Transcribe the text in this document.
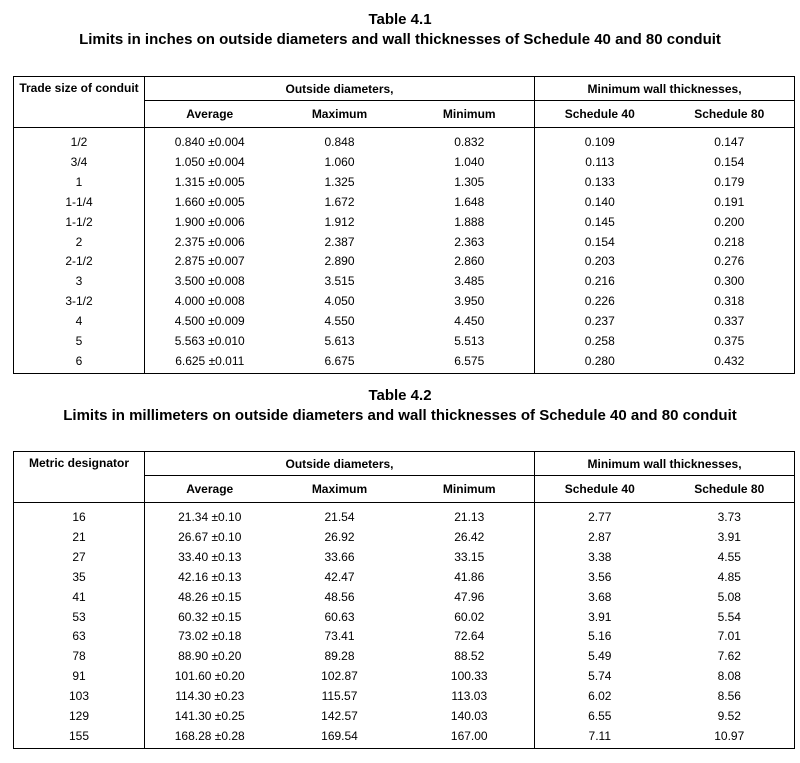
Table 4.1
Limits in inches on outside diameters and wall thicknesses of Schedule 40 and 80 conduit
Trade size of conduit	Outside diameters,			Minimum wall thicknesses,	
	Average	Maximum	Minimum	Schedule 40	Schedule 80
1/2	0.840 ±0.004	0.848	0.832	0.109	0.147
3/4	1.050 ±0.004	1.060	1.040	0.113	0.154
1	1.315 ±0.005	1.325	1.305	0.133	0.179
1-1/4	1.660 ±0.005	1.672	1.648	0.140	0.191
1-1/2	1.900 ±0.006	1.912	1.888	0.145	0.200
2	2.375 ±0.006	2.387	2.363	0.154	0.218
2-1/2	2.875 ±0.007	2.890	2.860	0.203	0.276
3	3.500 ±0.008	3.515	3.485	0.216	0.300
3-1/2	4.000 ±0.008	4.050	3.950	0.226	0.318
4	4.500 ±0.009	4.550	4.450	0.237	0.337
5	5.563 ±0.010	5.613	5.513	0.258	0.375
6	6.625 ±0.011	6.675	6.575	0.280	0.432
Table 4.2
Limits in millimeters on outside diameters and wall thicknesses of Schedule 40 and 80 conduit
Metric designator	Outside diameters,			Minimum wall thicknesses,	
	Average	Maximum	Minimum	Schedule 40	Schedule 80
16	21.34 ±0.10	21.54	21.13	2.77	3.73
21	26.67 ±0.10	26.92	26.42	2.87	3.91
27	33.40 ±0.13	33.66	33.15	3.38	4.55
35	42.16 ±0.13	42.47	41.86	3.56	4.85
41	48.26 ±0.15	48.56	47.96	3.68	5.08
53	60.32 ±0.15	60.63	60.02	3.91	5.54
63	73.02 ±0.18	73.41	72.64	5.16	7.01
78	88.90 ±0.20	89.28	88.52	5.49	7.62
91	101.60 ±0.20	102.87	100.33	5.74	8.08
103	114.30 ±0.23	115.57	113.03	6.02	8.56
129	141.30 ±0.25	142.57	140.03	6.55	9.52
155	168.28 ±0.28	169.54	167.00	7.11	10.97
